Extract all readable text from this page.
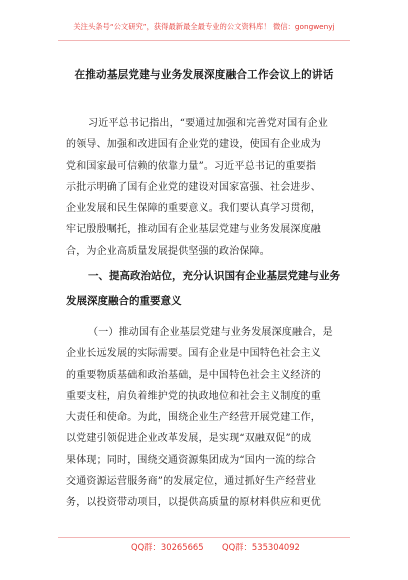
关注头条号“公文研究”，获得最新最全最专业的公文资料库！ 微信：gongwenyj
在推动基层党建与业务发展深度融合工作会议上的讲话
习近平总书记指出，“要通过加强和完善党对国有企业
的领导、加强和改进国有企业党的建设，使国有企业成为
党和国家最可信赖的依靠力量”。习近平总书记的重要指
示批示明确了国有企业党的建设对国家富强、社会进步、
企业发展和民生保障的重要意义。我们要认真学习贯彻，
牢记殷殷嘱托，推动国有企业基层党建与业务发展深度融
合，为企业高质量发展提供坚强的政治保障。
一、提高政治站位，充分认识国有企业基层党建与业务
发展深度融合的重要意义
（一）推动国有企业基层党建与业务发展深度融合，是
企业长远发展的实际需要。国有企业是中国特色社会主义
的重要物质基础和政治基础，是中国特色社会主义经济的
重要支柱，肩负着维护党的执政地位和社会主义制度的重
大责任和使命。为此，围绕企业生产经营开展党建工作，
以党建引领促进企业改革发展，是实现“双融双促”的成
果体现；同时，围绕交通资源集团成为“国内一流的综合
交通资源运营服务商”的发展定位，通过抓好生产经营业
务，以投资带动项目，以提供高质量的原材料供应和更优
QQ群：30265665 QQ群：535304092
